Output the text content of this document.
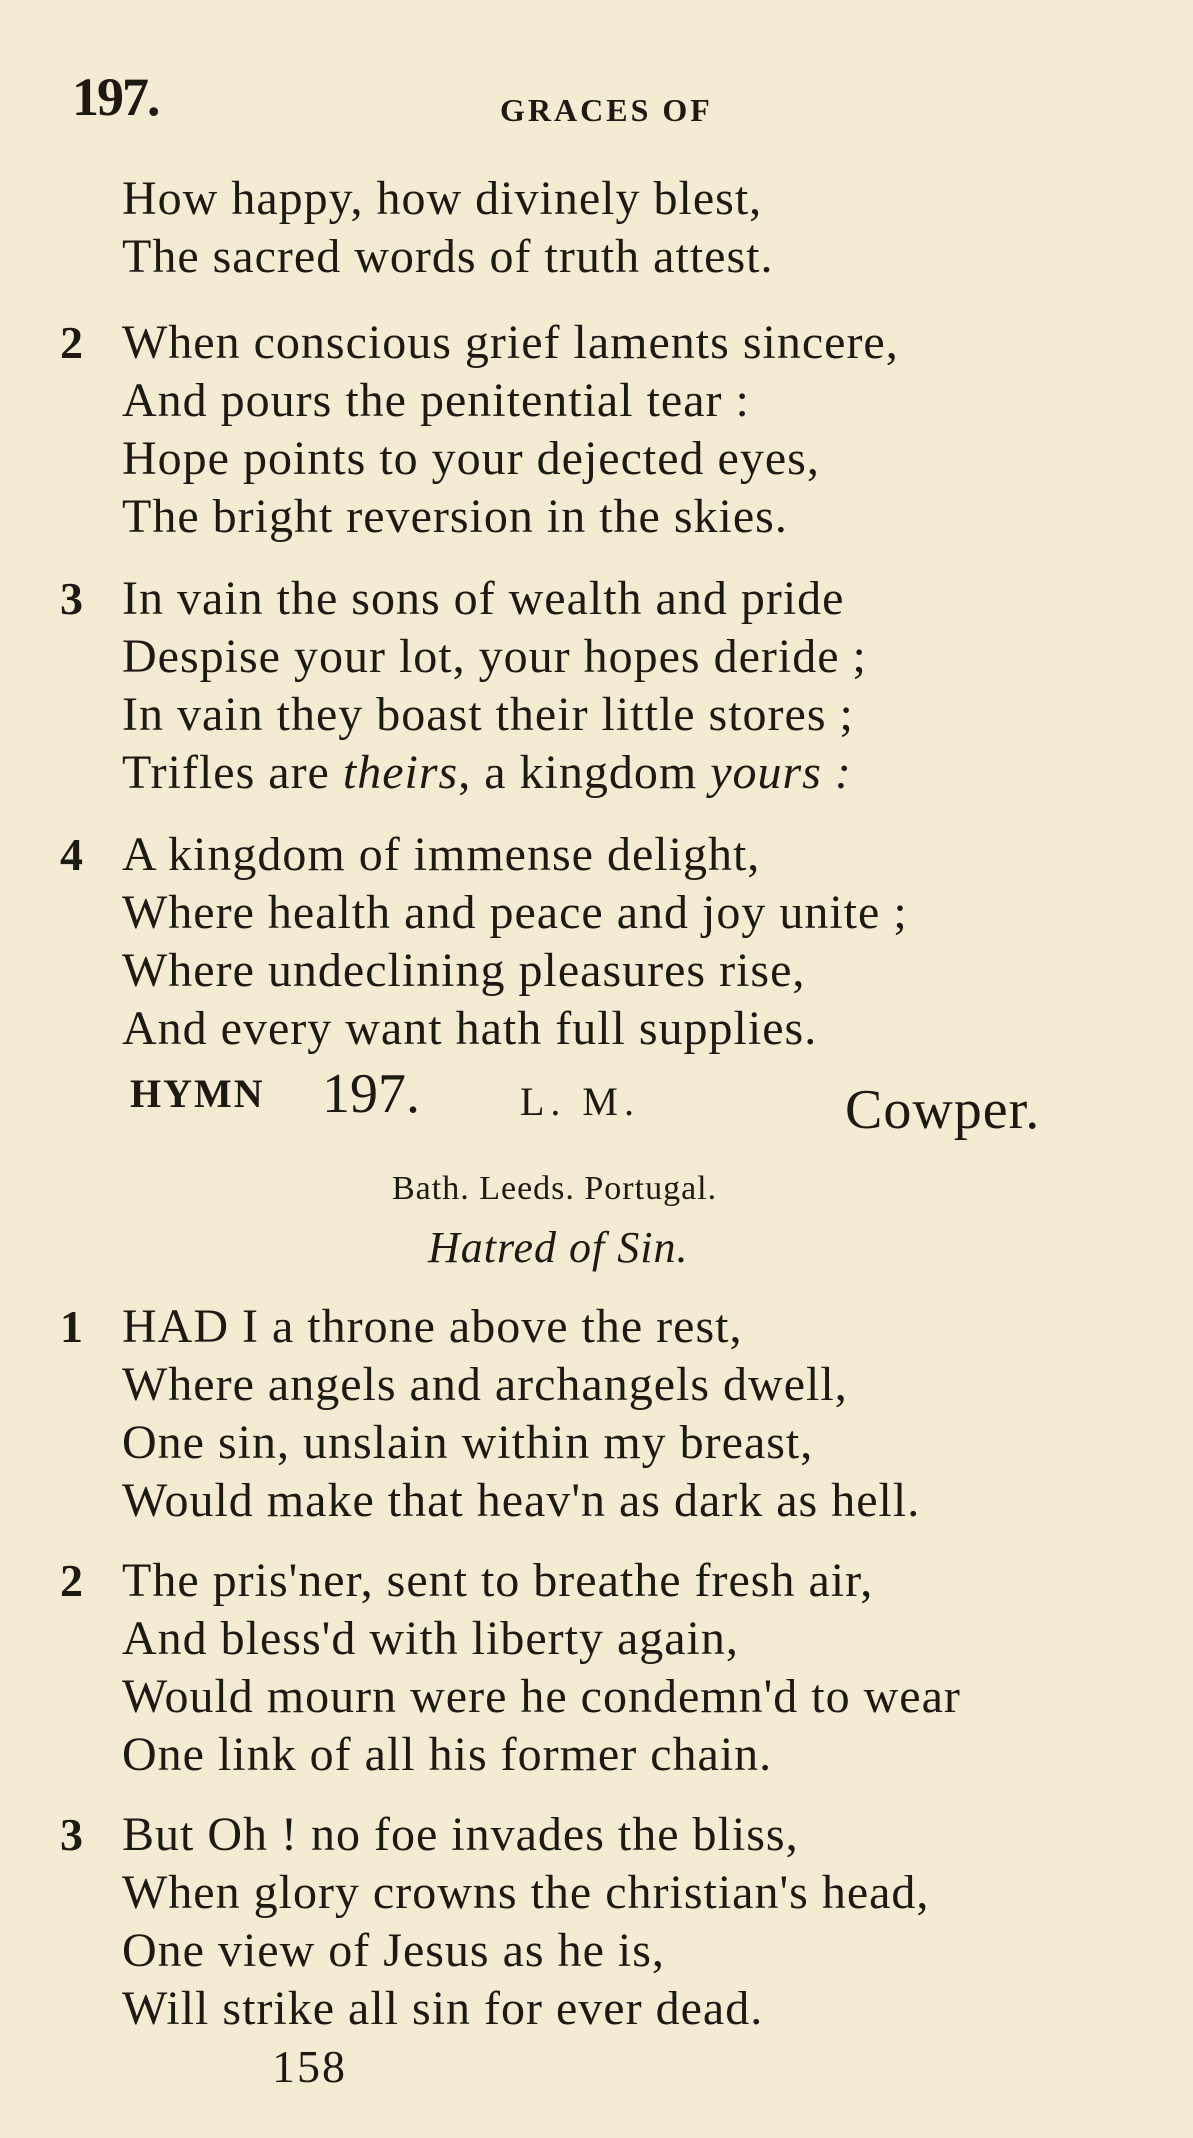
197.	GRACES OF
How happy, how divinely blest,
The sacred words of truth attest.
2 When conscious grief laments sincere,
And pours the penitential tear :
Hope points to your dejected eyes,
The bright reversion in the skies.
3 In vain the sons of wealth and pride
Despise your lot, your hopes deride ;
In vain they boast their little stores ;
Trifles are theirs, a kingdom yours :
4 A kingdom of immense delight,
Where health and peace and joy unite ;
Where undeclining pleasures rise,
And every want hath full supplies.
HYMN 197.	L. M.	Cowper.
Bath. Leeds. Portugal.
Hatred of Sin.
1 HAD I a throne above the rest,
Where angels and archangels dwell,
One sin, unslain within my breast,
Would make that heav'n as dark as hell.
2 The pris'ner, sent to breathe fresh air,
And bless'd with liberty again,
Would mourn were he condemn'd to wear
One link of all his former chain.
3 But Oh ! no foe invades the bliss,
When glory crowns the christian's head,
One view of Jesus as he is,
Will strike all sin for ever dead.
158
